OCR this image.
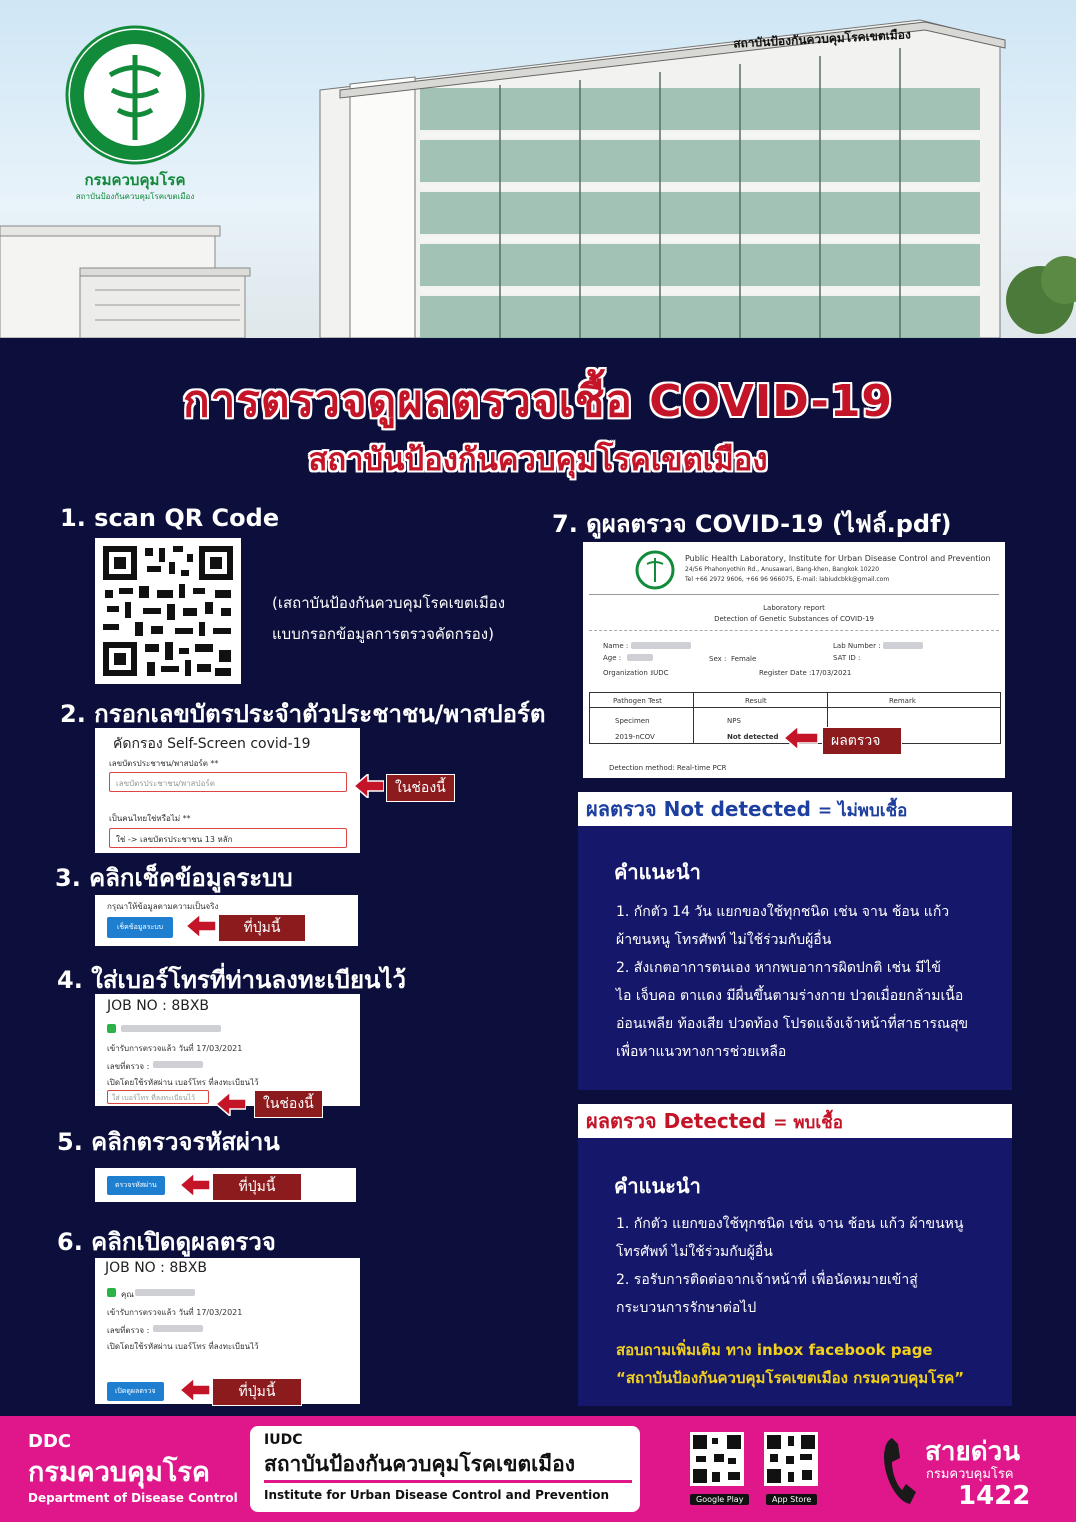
กรมควบคุมโรค
สถาบันป้องกันควบคุมโรคเขตเมือง
สถาบันป้องกันควบคุมโรคเขตเมือง
การตรวจดูผลตรวจเชื้อ COVID-19
สถาบันป้องกันควบคุมโรคเขตเมือง
1. scan QR Code
(เสถาบันป้องกันควบคุมโรคเขตเมือง
แบบกรอกข้อมูลการตรวจคัดกรอง)
2. กรอกเลขบัตรประจำตัวประชาชน/พาสปอร์ต
คัดกรอง Self-Screen covid-19
เลขบัตรประชาชน/พาสปอร์ต **
เลขบัตรประชาชน/พาสปอร์ต
เป็นคนไทยใช่หรือไม่ **
ใช่ -> เลขบัตรประชาชน 13 หลัก
ในช่องนี้
3. คลิกเช็คข้อมูลระบบ
กรุณาให้ข้อมูลตามความเป็นจริง
เช็คข้อมูลระบบ	ที่ปุ่มนี้
4. ใส่เบอร์โทรที่ท่านลงทะเบียนไว้
JOB NO : 8BXB
เข้ารับการตรวจแล้ว วันที่ 17/03/2021
เลขที่ตรวจ :
เปิดโดยใช้รหัสผ่าน เบอร์โทร ที่ลงทะเบียนไว้
ใส่ เบอร์โทร ที่ลงทะเบียนไว้	ในช่องนี้
5. คลิกตรวจรหัสผ่าน
ตรวจรหัสผ่าน	ที่ปุ่มนี้
6. คลิกเปิดดูผลตรวจ
JOB NO : 8BXB
คุณ
เข้ารับการตรวจแล้ว วันที่ 17/03/2021
เลขที่ตรวจ :
เปิดโดยใช้รหัสผ่าน เบอร์โทร ที่ลงทะเบียนไว้
เปิดดูผลตรวจ	ที่ปุ่มนี้
7. ดูผลตรวจ COVID-19 (ไฟล์.pdf)
Public Health Laboratory, Institute for Urban Disease Control and Prevention
24/56 Phahonyothin Rd., Anusawari, Bang-khen, Bangkok 10220
Tel +66 2972 9606, +66 96 966075, E-mail: labiudcbkk@gmail.com
Laboratory report
Detection of Genetic Substances of COVID-19
Name :
Age :	Sex : Female
Organization :
IUDC
Lab Number :
SAT ID :
Register Date : 17/03/2021
Pathogen Test	Result	Remark
Specimen	NPS
2019-nCOV	Not detected
Detection method: Real-time PCR
ผลตรวจ
ผลตรวจ Not detected = ไม่พบเชื้อ
คำแนะนำ
1. กักตัว 14 วัน แยกของใช้ทุกชนิด เช่น จาน ช้อน แก้ว
ผ้าขนหนู โทรศัพท์ ไม่ใช้ร่วมกับผู้อื่น
2. สังเกตอาการตนเอง หากพบอาการผิดปกติ เช่น มีไข้
ไอ เจ็บคอ ตาแดง มีผื่นขึ้นตามร่างกาย ปวดเมื่อยกล้ามเนื้อ
อ่อนเพลีย ท้องเสีย ปวดท้อง โปรดแจ้งเจ้าหน้าที่สาธารณสุข
เพื่อหาแนวทางการช่วยเหลือ
ผลตรวจ Detected = พบเชื้อ
คำแนะนำ
1. กักตัว แยกของใช้ทุกชนิด เช่น จาน ช้อน แก้ว ผ้าขนหนู
โทรศัพท์ ไม่ใช้ร่วมกับผู้อื่น
2. รอรับการติดต่อจากเจ้าหน้าที่ เพื่อนัดหมายเข้าสู่
กระบวนการรักษาต่อไป
สอบถามเพิ่มเติม ทาง inbox facebook page
“สถาบันป้องกันควบคุมโรคเขตเมือง กรมควบคุมโรค”
DDC
กรมควบคุมโรค
Department of Disease Control
IUDC
สถาบันป้องกันควบคุมโรคเขตเมือง
Institute for Urban Disease Control and Prevention	Google Play	App Store
สายด่วน
กรมควบคุมโรค
1422
